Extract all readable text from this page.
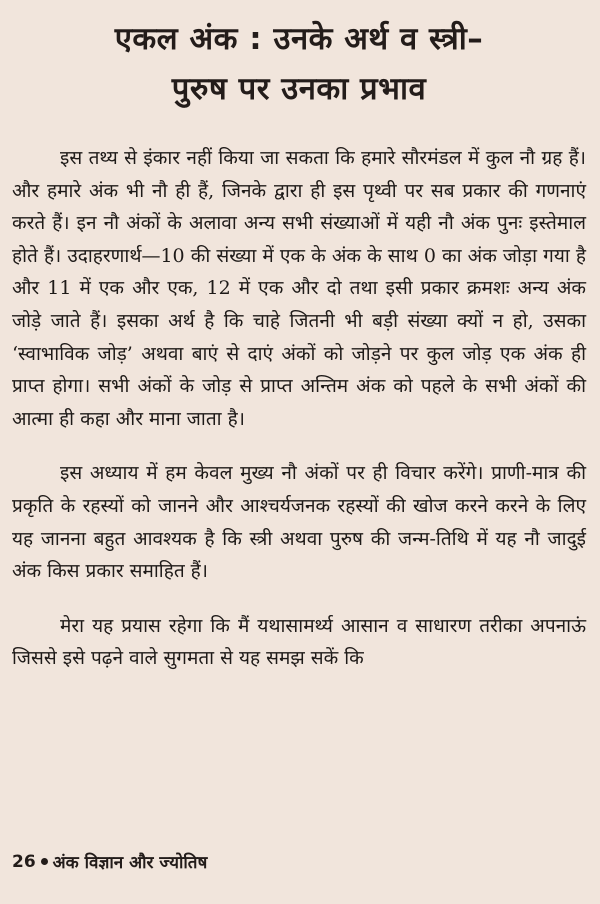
एकल अंक : उनके अर्थ व स्त्री–
पुरुष पर उनका प्रभाव

इस तथ्य से इंकार नहीं किया जा सकता कि हमारे सौरमंडल में कुल नौ ग्रह हैं। और हमारे अंक भी नौ ही हैं, जिनके द्वारा ही इस पृथ्वी पर सब प्रकार की गणनाएं करते हैं। इन नौ अंकों के अलावा अन्य सभी संख्याओं में यही नौ अंक पुनः इस्तेमाल होते हैं। उदाहरणार्थ—10 की संख्या में एक के अंक के साथ 0 का अंक जोड़ा गया है और 11 में एक और एक, 12 में एक और दो तथा इसी प्रकार क्रमशः अन्य अंक जोड़े जाते हैं। इसका अर्थ है कि चाहे जितनी भी बड़ी संख्या क्यों न हो, उसका ‘स्वाभाविक जोड़’ अथवा बाएं से दाएं अंकों को जोड़ने पर कुल जोड़ एक अंक ही प्राप्त होगा। सभी अंकों के जोड़ से प्राप्त अन्तिम अंक को पहले के सभी अंकों की आत्मा ही कहा और माना जाता है।

इस अध्याय में हम केवल मुख्य नौ अंकों पर ही विचार करेंगे। प्राणी-मात्र की प्रकृति के रहस्यों को जानने और आश्चर्यजनक रहस्यों की खोज करने करने के लिए यह जानना बहुत आवश्यक है कि स्त्री अथवा पुरुष की जन्म-तिथि में यह नौ जादुई अंक किस प्रकार समाहित हैं।

मेरा यह प्रयास रहेगा कि मैं यथासामर्थ्य आसान व साधारण तरीका अपनाऊं जिससे इसे पढ़ने वाले सुगमता से यह समझ सकें कि

26 अंक विज्ञान और ज्योतिष
